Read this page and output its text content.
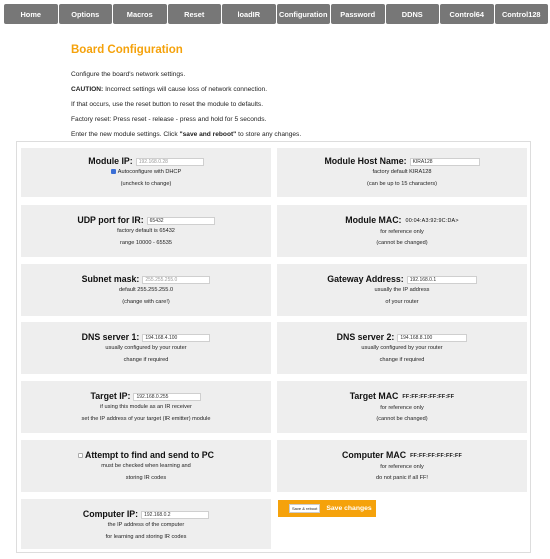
Home	Options	Macros	Reset	loadIR	Configuration	Password	DDNS	Control64	Control128
Board Configuration
Configure the board's network settings.
CAUTION: Incorrect settings will cause loss of network connection.
If that occurs, use the reset button to reset the module to defaults.
Factory reset: Press reset - release - press and hold for 5 seconds.
Enter the new module settings. Click "save and reboot" to store any changes.
Module IP: 192.168.0.28
Autoconfigure with DHCP
(uncheck to change)
Module Host Name: KIRA128
factory default KIRA128
(can be up to 15 characters)
UDP port for IR: 65432
factory default is 65432
range 10000 - 65535
Module MAC: 00:04:A3:92:9C:DA>
for reference only
(cannot be changed)
Subnet mask: 255.255.255.0
default 255.255.255.0
(change with care!)
Gateway Address: 192.168.0.1
usually the IP address
of your router
DNS server 1: 194.168.4.100
usually configured by your router
change if required
DNS server 2: 194.168.8.100
usually configured by your router
change if required
Target IP: 192.168.0.255
if using this module as an IR receiver
set the IP address of your target (IR emitter) module
Target MAC FF:FF:FF:FF:FF:FF
for reference only
(cannot be changed)
Attempt to find and send to PC
must be checked when learning and
storing IR codes
Computer MAC FF:FF:FF:FF:FF:FF
for reference only
do not panic if all FF!
Computer IP: 192.168.0.2
the IP address of the computer
for learning and storing IR codes
Save & reboot	Save changes
